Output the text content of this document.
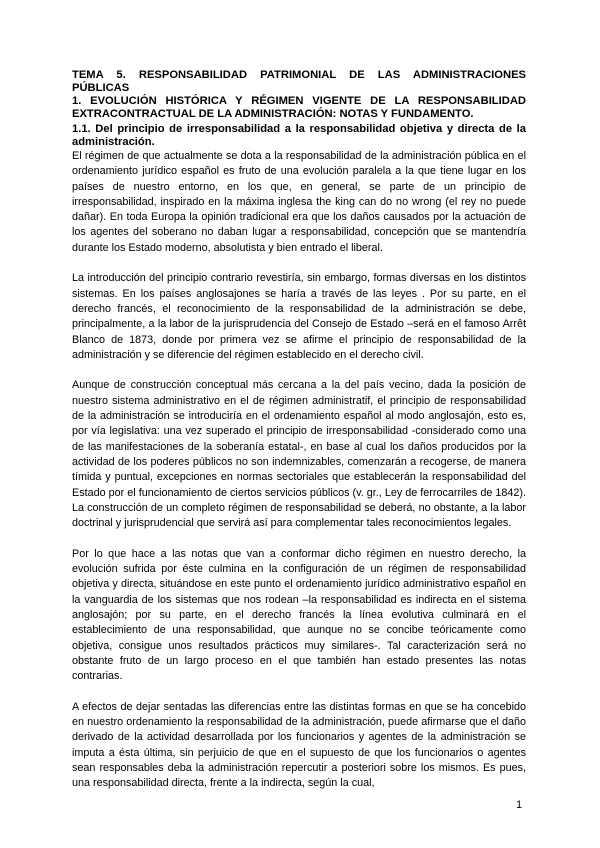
TEMA 5. RESPONSABILIDAD PATRIMONIAL DE LAS ADMINISTRACIONES PÚBLICAS

1. EVOLUCIÓN HISTÓRICA Y RÉGIMEN VIGENTE DE LA RESPONSABILIDAD EXTRACONTRACTUAL DE LA ADMINISTRACIÓN: NOTAS Y FUNDAMENTO.

1.1. Del principio de irresponsabilidad a la responsabilidad objetiva y directa de la administración.

El régimen de que actualmente se dota a la responsabilidad de la administración pública en el ordenamiento jurídico español es fruto de una evolución paralela a la que tiene lugar en los países de nuestro entorno, en los que, en general, se parte de un principio de irresponsabilidad, inspirado en la máxima inglesa the king can do no wrong (el rey no puede dañar). En toda Europa la opinión tradicional era que los daños causados por la actuación de los agentes del soberano no daban lugar a responsabilidad, concepción que se mantendría durante los Estado moderno, absolutista y bien entrado el liberal.

La introducción del principio contrario revestiría, sin embargo, formas diversas en los distintos sistemas. En los países anglosajones se haría a través de las leyes . Por su parte, en el derecho francés, el reconocimiento de la responsabilidad de la administración se debe, principalmente, a la labor de la jurisprudencia del Consejo de Estado –será en el famoso Arrêt Blanco de 1873, donde por primera vez se afirme el principio de responsabilidad de la administración y se diferencie del régimen establecido en el derecho civil.

Aunque de construcción conceptual más cercana a la del país vecino, dada la posición de nuestro sistema administrativo en el de régimen administratif, el principio de responsabilidad de la administración se introduciría en el ordenamiento español al modo anglosajón, esto es, por vía legislativa: una vez superado el principio de irresponsabilidad -considerado como una de las manifestaciones de la soberanía estatal-, en base al cual los daños producidos por la actividad de los poderes públicos no son indemnizables, comenzarán a recogerse, de manera tímida y puntual, excepciones en normas sectoriales que establecerán la responsabilidad del Estado por el funcionamiento de ciertos servicios públicos (v. gr., Ley de ferrocarriles de 1842). La construcción de un completo régimen de responsabilidad se deberá, no obstante, a la labor doctrinal y jurisprudencial que servirá así para complementar tales reconocimientos legales.

Por lo que hace a las notas que van a conformar dicho régimen en nuestro derecho, la evolución sufrida por éste culmina en la configuración de un régimen de responsabilidad objetiva y directa, situándose en este punto el ordenamiento jurídico administrativo español en la vanguardia de los sistemas que nos rodean –la responsabilidad es indirecta en el sistema anglosajón; por su parte, en el derecho francés la línea evolutiva culminará en el establecimiento de una responsabilidad, que aunque no se concibe teóricamente como objetiva, consigue unos resultados prácticos muy similares-. Tal caracterización será no obstante fruto de un largo proceso en el que también han estado presentes las notas contrarias.

A efectos de dejar sentadas las diferencias entre las distintas formas en que se ha concebido en nuestro ordenamiento la responsabilidad de la administración, puede afirmarse que el daño derivado de la actividad desarrollada por los funcionarios y agentes de la administración se imputa a ésta última, sin perjuicio de que en el supuesto de que los funcionarios o agentes sean responsables deba la administración repercutir a posteriori sobre los mismos. Es pues, una responsabilidad directa, frente a la indirecta, según la cual,

1
